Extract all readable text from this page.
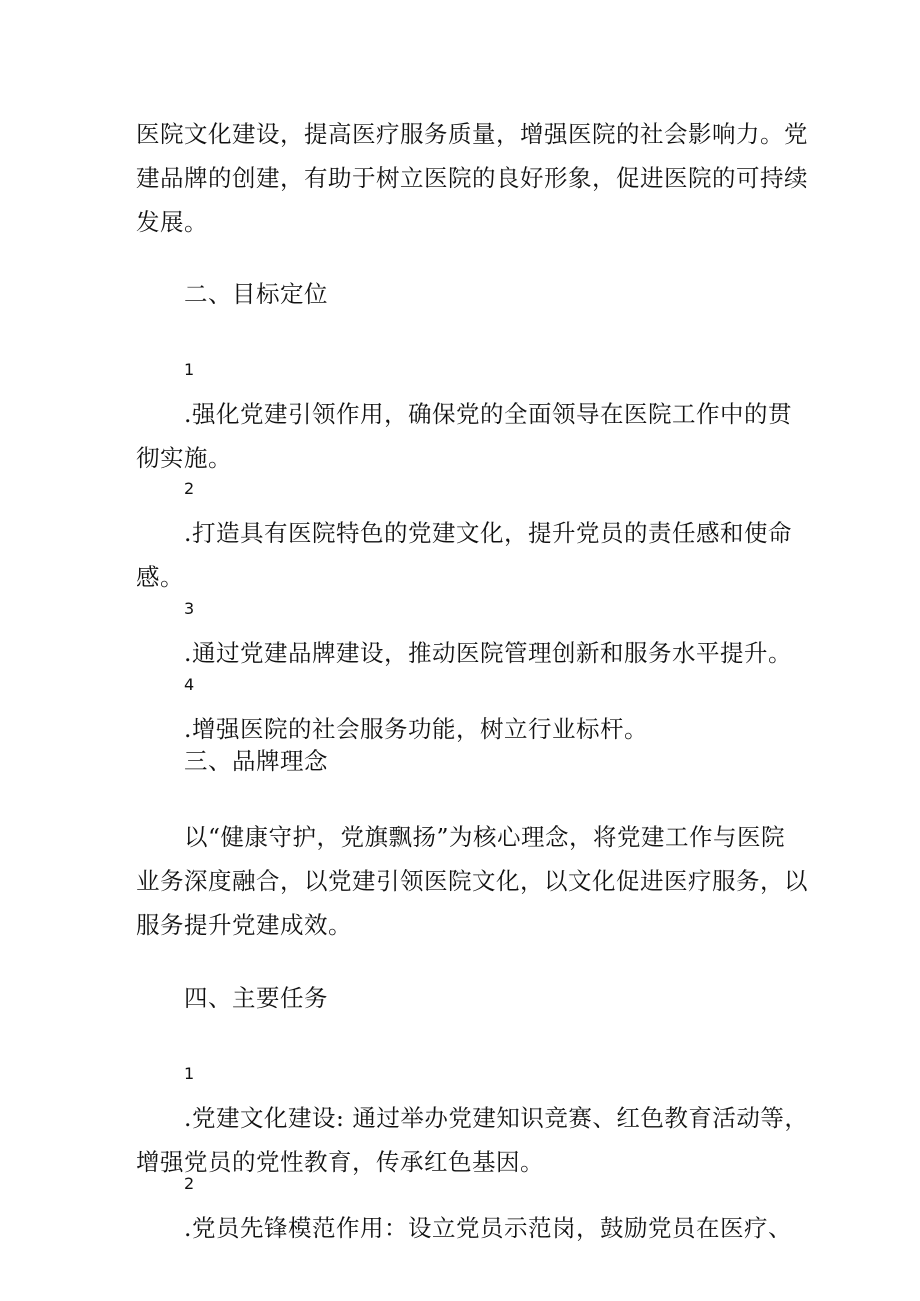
医院文化建设，提高医疗服务质量，增强医院的社会影响力。党
建品牌的创建，有助于树立医院的良好形象，促进医院的可持续
发展。

二、目标定位

1
.强化党建引领作用，确保党的全面领导在医院工作中的贯
彻实施。

2
.打造具有医院特色的党建文化，提升党员的责任感和使命
感。

3
.通过党建品牌建设，推动医院管理创新和服务水平提升。

4
.增强医院的社会服务功能，树立行业标杆。

三、品牌理念

以“健康守护，党旗飘扬”为核心理念，将党建工作与医院
业务深度融合，以党建引领医院文化，以文化促进医疗服务，以
服务提升党建成效。

四、主要任务

1
.党建文化建设: 通过举办党建知识竞赛、红色教育活动等，
增强党员的党性教育，传承红色基因。

2
.党员先锋模范作用：设立党员示范岗，鼓励党员在医疗、
